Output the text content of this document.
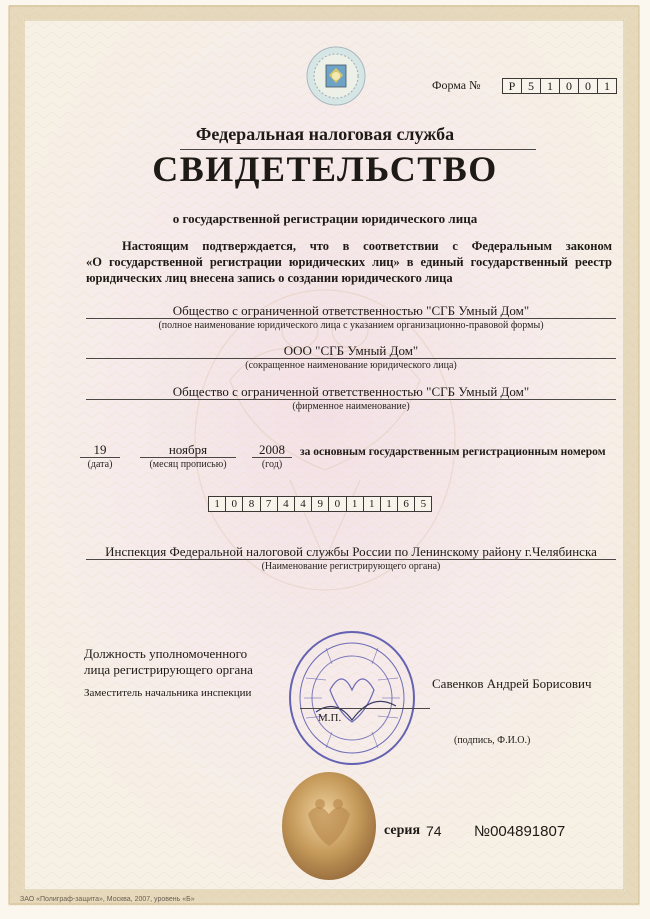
Форма №	Р	5	1	0	0	1
Федеральная налоговая служба
СВИДЕТЕЛЬСТВО
о государственной регистрации юридического лица
Настоящим подтверждается, что в соответствии с Федеральным законом
«О государственной регистрации юридических лиц» в единый государственный реестр
юридических лиц внесена запись о создании юридического лица
Общество с ограниченной ответственностью "СГБ Умный Дом"
(полное наименование юридического лица с указанием организационно-правовой формы)
ООО "СГБ Умный Дом"
(сокращенное наименование юридического лица)
Общество с ограниченной ответственностью "СГБ Умный Дом"
(фирменное наименование)
19
(дата)
ноября
(месяц прописью)
2008
(год)
за основным государственным регистрационным номером
1	0	8	7	4	4	9	0	1	1	1	6	5
Инспекция Федеральной налоговой службы России по Ленинскому району г.Челябинска
(Наименование регистрирующего органа)
Должность уполномоченного
лица регистрирующего органа
Заместитель начальника инспекции
Савенков Андрей Борисович
М.П.
(подпись, Ф.И.О.)
серия 74 №004891807
ЗАО «Полиграф-защита», Москва, 2007, уровень «Б»
